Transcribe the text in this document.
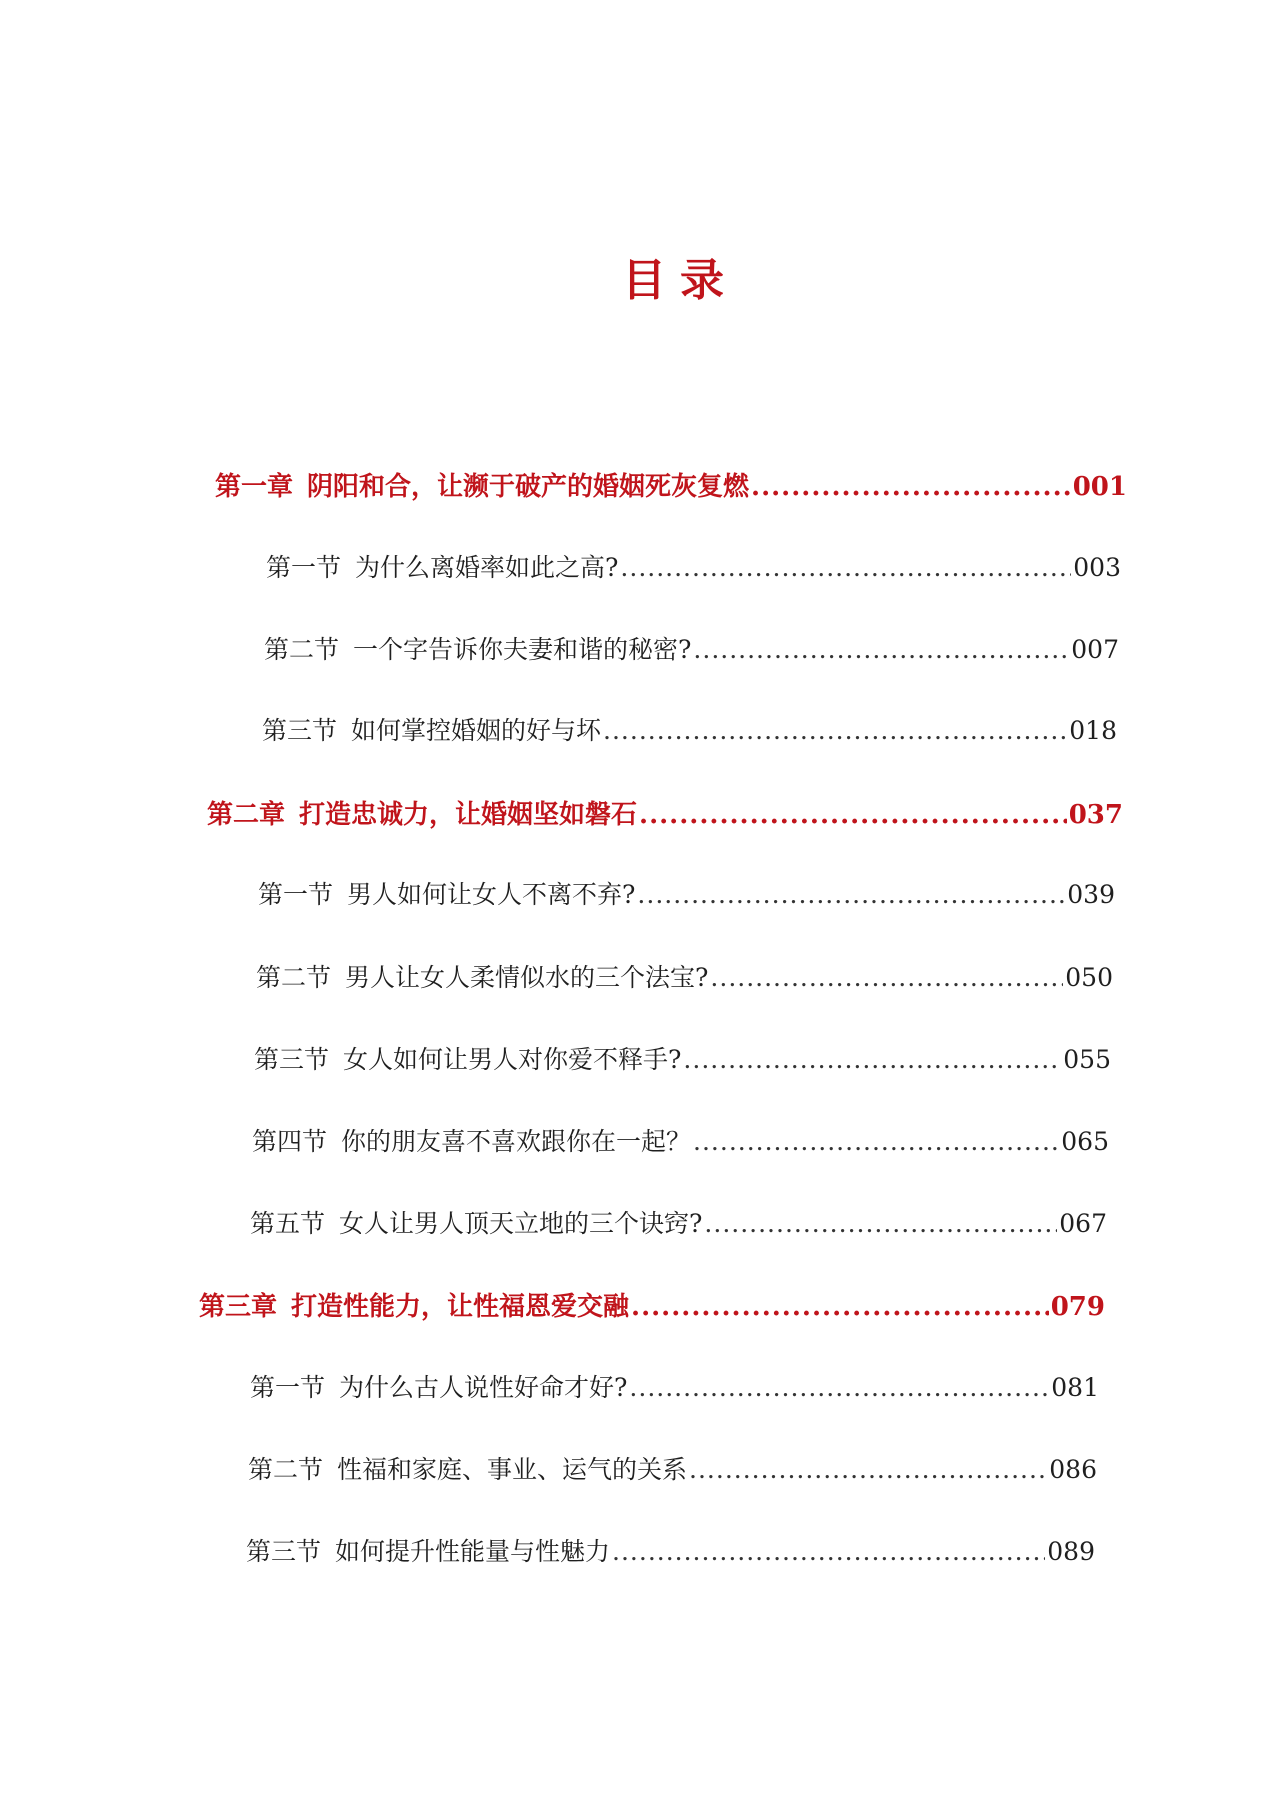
目录
第一章 阴阳和合，让濒于破产的婚姻死灰复燃 .....	001
第一节 为什么离婚率如此之高? .....	003
第二节 一个字告诉你夫妻和谐的秘密? .....	007
第三节 如何掌控婚姻的好与坏 .....	018
第二章 打造忠诚力，让婚姻坚如磐石 .....	037
第一节 男人如何让女人不离不弃? .....	039
第二节 男人让女人柔情似水的三个法宝? .....	050
第三节 女人如何让男人对你爱不释手? .....	055
第四节 你的朋友喜不喜欢跟你在一起？ .....	065
第五节 女人让男人顶天立地的三个诀窍? .....	067
第三章 打造性能力，让性福恩爱交融 .....	079
第一节 为什么古人说性好命才好? .....	081
第二节 性福和家庭、事业、运气的关系 .....	086
第三节 如何提升性能量与性魅力 .....	089
